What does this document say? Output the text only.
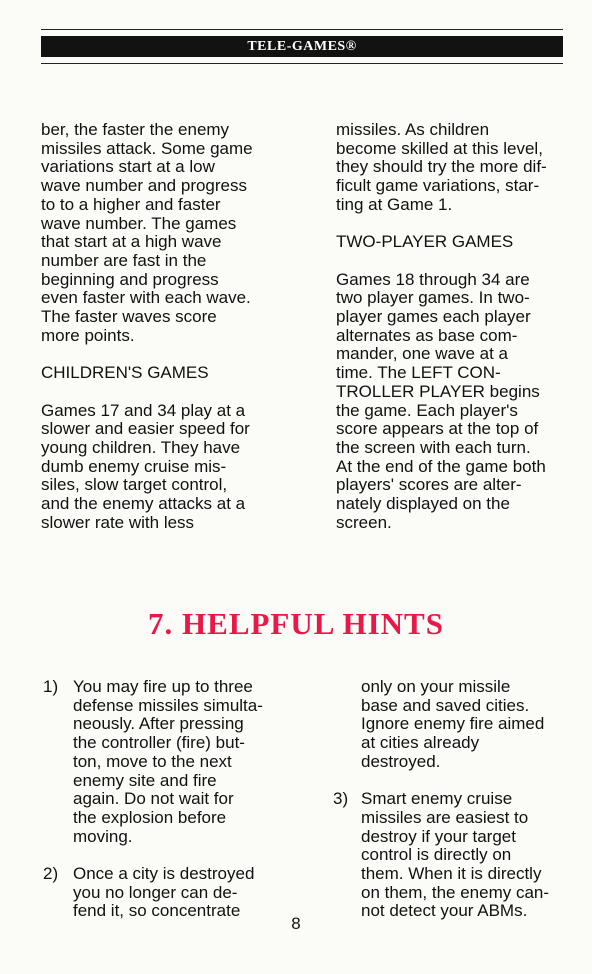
TELE-GAMES®
ber, the faster the enemy
missiles attack. Some game
variations start at a low
wave number and progress
to to a higher and faster
wave number. The games
that start at a high wave
number are fast in the
beginning and progress
even faster with each wave.
The faster waves score
more points.

CHILDREN'S GAMES

Games 17 and 34 play at a
slower and easier speed for
young children. They have
dumb enemy cruise mis-
siles, slow target control,
and the enemy attacks at a
slower rate with less
missiles. As children
become skilled at this level,
they should try the more dif-
ficult game variations, star-
ting at Game 1.

TWO-PLAYER GAMES

Games 18 through 34 are
two player games. In two-
player games each player
alternates as base com-
mander, one wave at a
time. The LEFT CON-
TROLLER PLAYER begins
the game. Each player's
score appears at the top of
the screen with each turn.
At the end of the game both
players' scores are alter-
nately displayed on the
screen.
7. HELPFUL HINTS
1) You may fire up to three
defense missiles simulta-
neously. After pressing
the controller (fire) but-
ton, move to the next
enemy site and fire
again. Do not wait for
the explosion before
moving.
2) Once a city is destroyed
you no longer can de-
fend it, so concentrate
only on your missile
base and saved cities.
Ignore enemy fire aimed
at cities already
destroyed.
3) Smart enemy cruise
missiles are easiest to
destroy if your target
control is directly on
them. When it is directly
on them, the enemy can-
not detect your ABMs.
8
